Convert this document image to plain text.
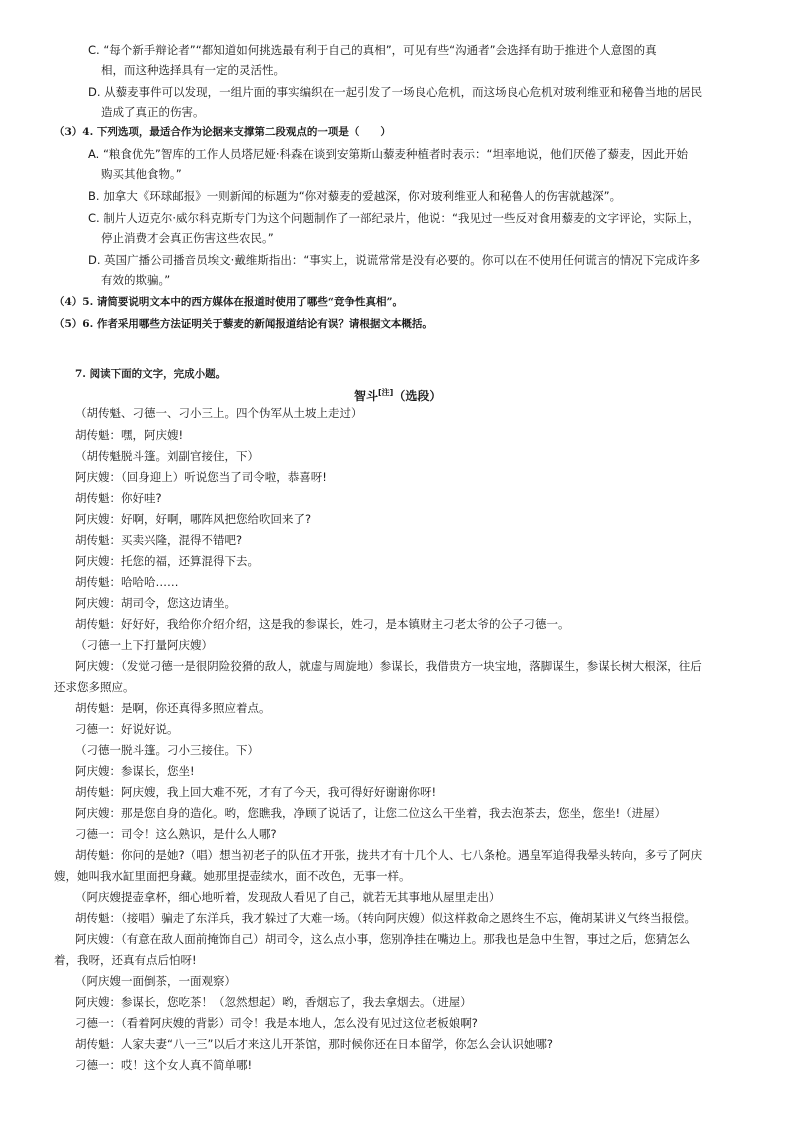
C. “每个新手辩论者”“都知道如何挑选最有利于自己的真相”，可见有些“沟通者”会选择有助于推进个人意图的真
相，而这种选择具有一定的灵活性。
D. 从藜麦事件可以发现，一组片面的事实编织在一起引发了一场良心危机，而这场良心危机对玻利维亚和秘鲁当地的居民
造成了真正的伤害。
（3）4. 下列选项，最适合作为论据来支撑第二段观点的一项是（　　）
A. “粮食优先”智库的工作人员塔尼娅·科森在谈到安第斯山藜麦种植者时表示：“坦率地说，他们厌倦了藜麦，因此开始
购买其他食物。”
B. 加拿大《环球邮报》一则新闻的标题为“你对藜麦的爱越深，你对玻利维亚人和秘鲁人的伤害就越深”。
C. 制片人迈克尔·威尔科克斯专门为这个问题制作了一部纪录片，他说：“我见过一些反对食用藜麦的文字评论，实际上，
停止消费才会真正伤害这些农民。”
D. 英国广播公司播音员埃文·戴维斯指出：“事实上，说谎常常是没有必要的。你可以在不使用任何谎言的情况下完成许多
有效的欺骗。”
（4）5. 请简要说明文本中的西方媒体在报道时使用了哪些“竞争性真相”。
（5）6. 作者采用哪些方法证明关于藜麦的新闻报道结论有误？请根据文本概括。
7. 阅读下面的文字，完成小题。
智斗[注]（选段）
（胡传魁、刁德一、刁小三上。四个伪军从土坡上走过）
胡传魁：嘿，阿庆嫂!
（胡传魁脱斗篷。刘副官接住，下）
阿庆嫂：（回身迎上）听说您当了司令啦，恭喜呀!
胡传魁：你好哇?
阿庆嫂：好啊，好啊，哪阵风把您给吹回来了?
胡传魁：买卖兴隆，混得不错吧?
阿庆嫂：托您的福，还算混得下去。
胡传魁：哈哈哈……
阿庆嫂：胡司令，您这边请坐。
胡传魁：好好好，我给你介绍介绍，这是我的参谋长，姓刁，是本镇财主刁老太爷的公子刁德一。
（刁德一上下打量阿庆嫂）
阿庆嫂：（发觉刁德一是很阴险狡猾的敌人，就虚与周旋地）参谋长，我借贵方一块宝地，落脚谋生，参谋长树大根深，往后
还求您多照应。
胡传魁：是啊，你还真得多照应着点。
刁德一：好说好说。
（刁德一脱斗篷。刁小三接住。下）
阿庆嫂：参谋长，您坐!
胡传魁：阿庆嫂，我上回大难不死，才有了今天，我可得好好谢谢你呀!
阿庆嫂：那是您自身的造化。哟，您瞧我，净顾了说话了，让您二位这么干坐着，我去泡茶去，您坐，您坐!（进屋）
刁德一：司令！这么熟识，是什么人哪?
胡传魁：你问的是她?（唱）想当初老子的队伍才开张，拢共才有十几个人、七八条枪。遇皇军追得我晕头转向，多亏了阿庆
嫂，她叫我水缸里面把身藏。她那里提壶续水，面不改色，无事一样。
（阿庆嫂提壶拿杯，细心地听着，发现敌人看见了自己，就若无其事地从屋里走出）
胡传魁：（接唱）骗走了东洋兵，我才躲过了大难一场。（转向阿庆嫂）似这样救命之恩终生不忘，俺胡某讲义气终当报偿。
阿庆嫂：（有意在敌人面前掩饰自己）胡司令，这么点小事，您别净挂在嘴边上。那我也是急中生智，事过之后，您猜怎么
着，我呀，还真有点后怕呀!
（阿庆嫂一面倒茶，一面观察）
阿庆嫂：参谋长，您吃茶！（忽然想起）哟，香烟忘了，我去拿烟去。（进屋）
刁德一：（看着阿庆嫂的背影）司令！我是本地人，怎么没有见过这位老板娘啊?
胡传魁：人家夫妻“八一三”以后才来这儿开茶馆，那时候你还在日本留学，你怎么会认识她哪?
刁德一：哎！这个女人真不简单哪!
